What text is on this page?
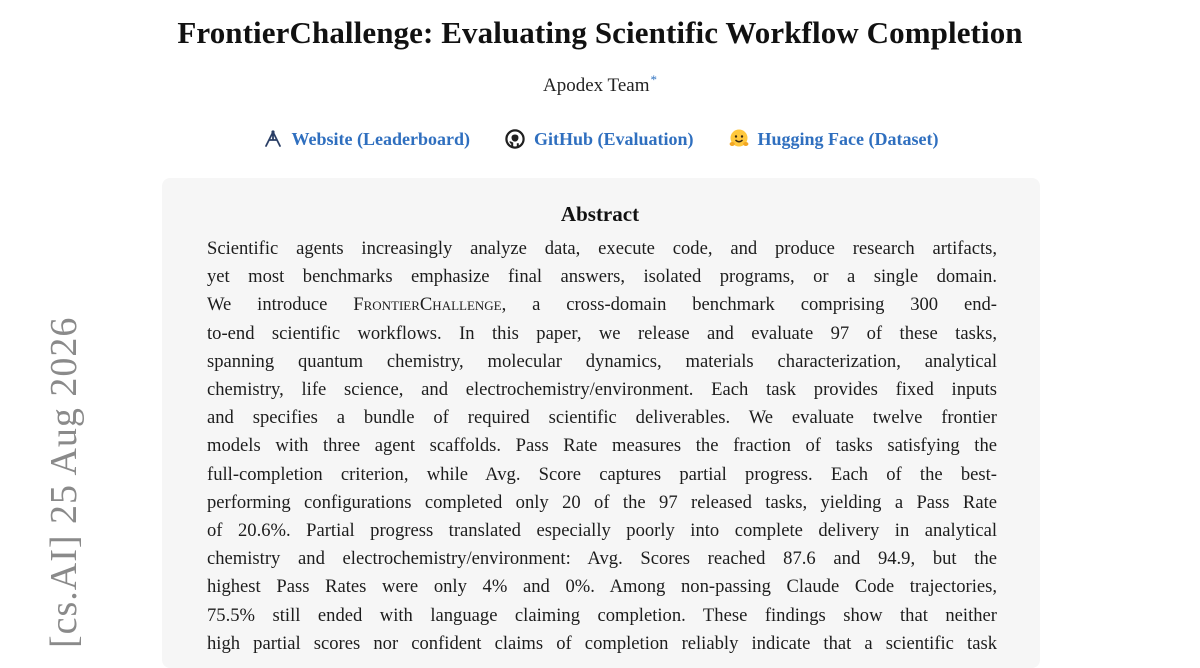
FrontierChallenge: Evaluating Scientific Workflow Completion
Apodex Team*
Website (Leaderboard)	GitHub (Evaluation)	Hugging Face (Dataset)
Abstract
Scientific agents increasingly analyze data, execute code, and produce research artifacts,
yet most benchmarks emphasize final answers, isolated programs, or a single domain.
We introduce FrontierChallenge, a cross-domain benchmark comprising 300 end-
to-end scientific workflows. In this paper, we release and evaluate 97 of these tasks,
spanning quantum chemistry, molecular dynamics, materials characterization, analytical
chemistry, life science, and electrochemistry/environment. Each task provides fixed inputs
and specifies a bundle of required scientific deliverables. We evaluate twelve frontier
models with three agent scaffolds. Pass Rate measures the fraction of tasks satisfying the
full-completion criterion, while Avg. Score captures partial progress. Each of the best-
performing configurations completed only 20 of the 97 released tasks, yielding a Pass Rate
of 20.6%. Partial progress translated especially poorly into complete delivery in analytical
chemistry and electrochemistry/environment: Avg. Scores reached 87.6 and 94.9, but the
highest Pass Rates were only 4% and 0%. Among non-passing Claude Code trajectories,
75.5% still ended with language claiming completion. These findings show that neither
high partial scores nor confident claims of completion reliably indicate that a scientific task
[cs.AI] 25 Aug 2026
